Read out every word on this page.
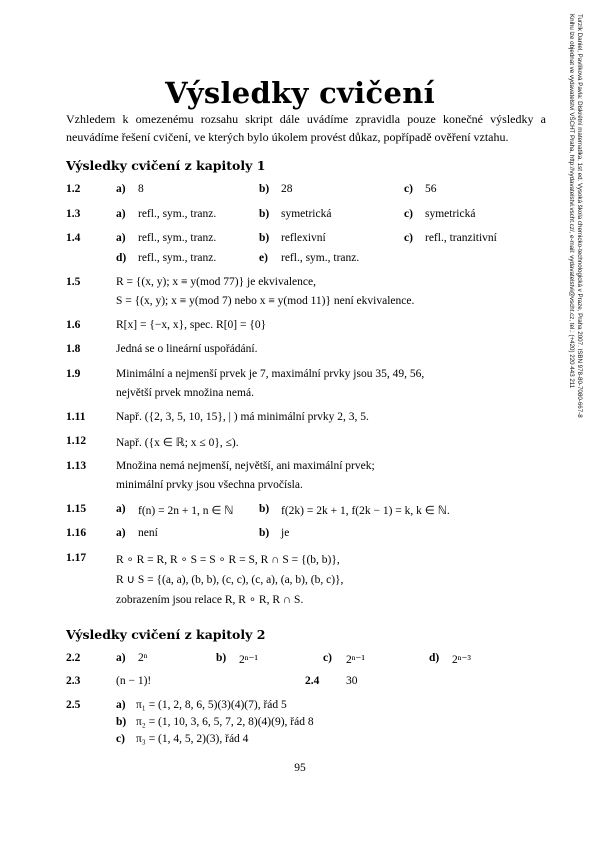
Výsledky cvičení
Vzhledem k omezenému rozsahu skript dále uvádíme zpravidla pouze konečné výsledky a neuvádíme řešení cvičení, ve kterých bylo úkolem provést důkaz, popřípadě ověření vztahu.	Turzík Daniel, Pavlíková Pavla: Diskrétní matematika. 1st ed. Vysoká škola chemicko-technologická v Praze, Praha 2007. ISBN 978-80-7080-667-8
Knihu lze objednat ve vydavatelství VŠCHT Praha, http://vydavatelstvi.vscht.cz/, e-mail: vydavatelstvi@vscht.cz, tel.: (+420) 220 443 211
Výsledky cvičení z kapitoly 1
1.2	a) 8	b) 28	c) 56
1.3	a) refl., sym., tranz.	b) symetrická	c) symetrická
1.4	a) refl., sym., tranz.	b) reflexivní	c) refl., tranzitivní
d) refl., sym., tranz.	e) refl., sym., tranz.
1.5	R = {(x, y); x ≡ y(mod 77)} je ekvivalence,
S = {(x, y); x ≡ y(mod 7) nebo x ≡ y(mod 11)} není ekvivalence.
1.6	R[x] = {−x, x}, spec. R[0] = {0}
1.8	Jedná se o lineární uspořádání.
1.9	Minimální a nejmenší prvek je 7, maximální prvky jsou 35, 49, 56,
největší prvek množina nemá.
1.11	Např. ({2, 3, 5, 10, 15}, | ) má minimální prvky 2, 3, 5.
1.12	Např. ({x ∈ ℝ; x ≤ 0}, ≤).
1.13	Množina nemá nejmenší, největší, ani maximální prvek;
minimální prvky jsou všechna prvočísla.
1.15	a) f(n) = 2n + 1, n ∈ ℕ b) f(2k) = 2k + 1, f(2k − 1) = k, k ∈ ℕ.
1.16	a) není	b) je
1.17	R ∘ R = R, R ∘ S = S ∘ R = S, R ∩ S = {(b, b)},
R ∪ S = {(a, a), (b, b), (c, c), (c, a), (a, b), (b, c)},
zobrazením jsou relace R, R ∘ R, R ∩ S.
Výsledky cvičení z kapitoly 2
2.2	a) 2ⁿ	b) 2ⁿ⁻¹	c) 2ⁿ⁻¹	d) 2ⁿ⁻³
2.3	(n − 1)!	2.4 30
2.5	a) π₁ = (1, 2, 8, 6, 5)(3)(4)(7), řád 5
b) π₂ = (1, 10, 3, 6, 5, 7, 2, 8)(4)(9), řád 8
c) π₃ = (1, 4, 5, 2)(3), řád 4
95
